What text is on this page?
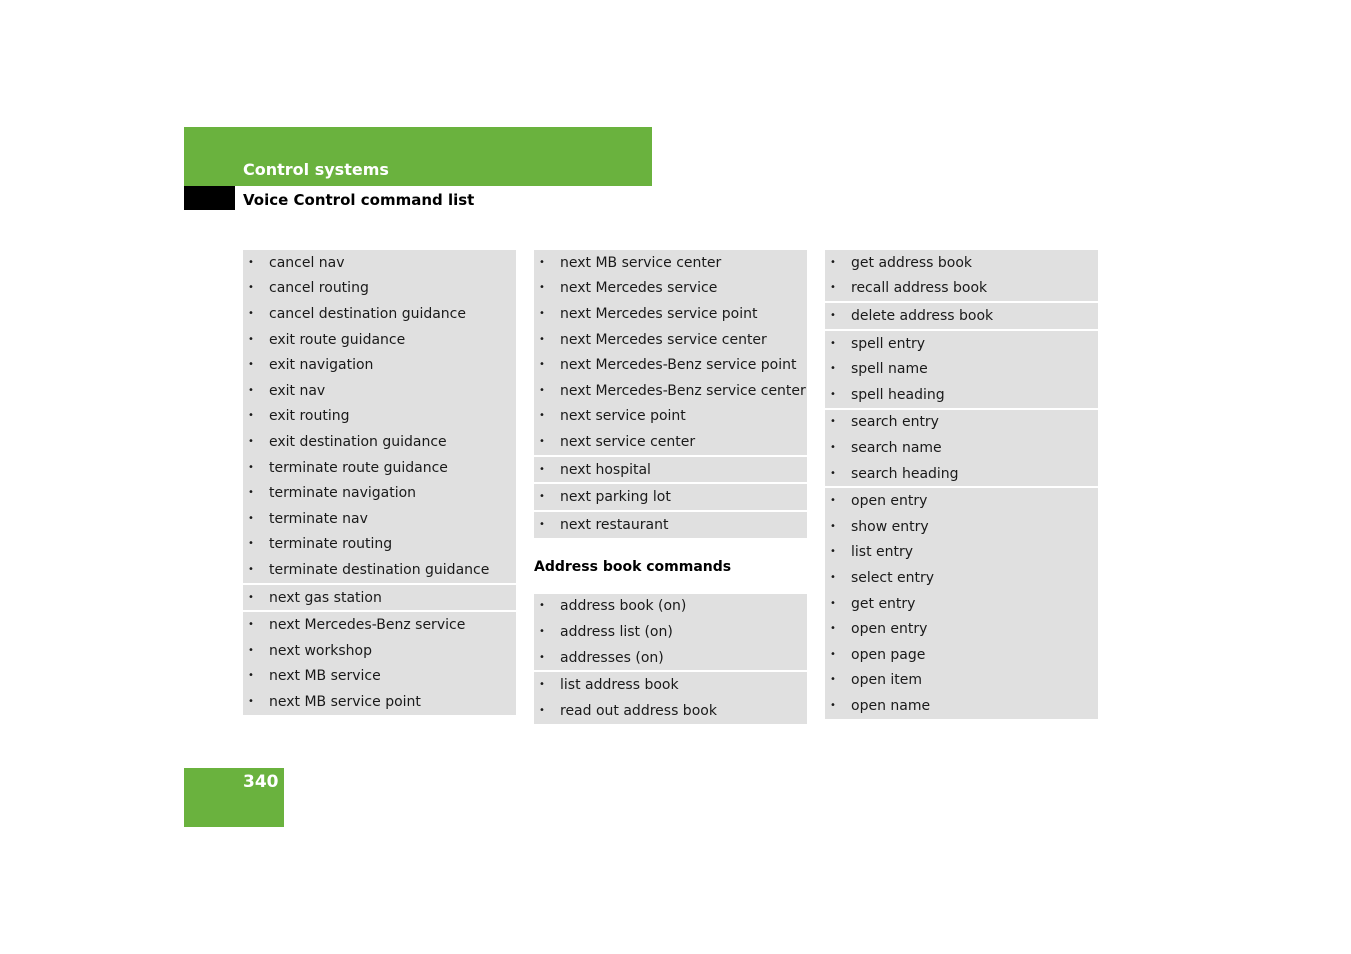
Control systems
Voice Control command list
•	cancel nav
•	cancel routing
•	cancel destination guidance
•	exit route guidance
•	exit navigation
•	exit nav
•	exit routing
•	exit destination guidance
•	terminate route guidance
•	terminate navigation
•	terminate nav
•	terminate routing
•	terminate destination guidance
•	next gas station
•	next Mercedes-Benz service
•	next workshop
•	next MB service
•	next MB service point
•	next MB service center
•	next Mercedes service
•	next Mercedes service point
•	next Mercedes service center
•	next Mercedes-Benz service point
•	next Mercedes-Benz service center
•	next service point
•	next service center
•	next hospital
•	next parking lot
•	next restaurant
Address book commands
•	address book (on)
•	address list (on)
•	addresses (on)
•	list address book
•	read out address book
•	get address book
•	recall address book
•	delete address book
•	spell entry
•	spell name
•	spell heading
•	search entry
•	search name
•	search heading
•	open entry
•	show entry
•	list entry
•	select entry
•	get entry
•	open entry
•	open page
•	open item
•	open name
340
